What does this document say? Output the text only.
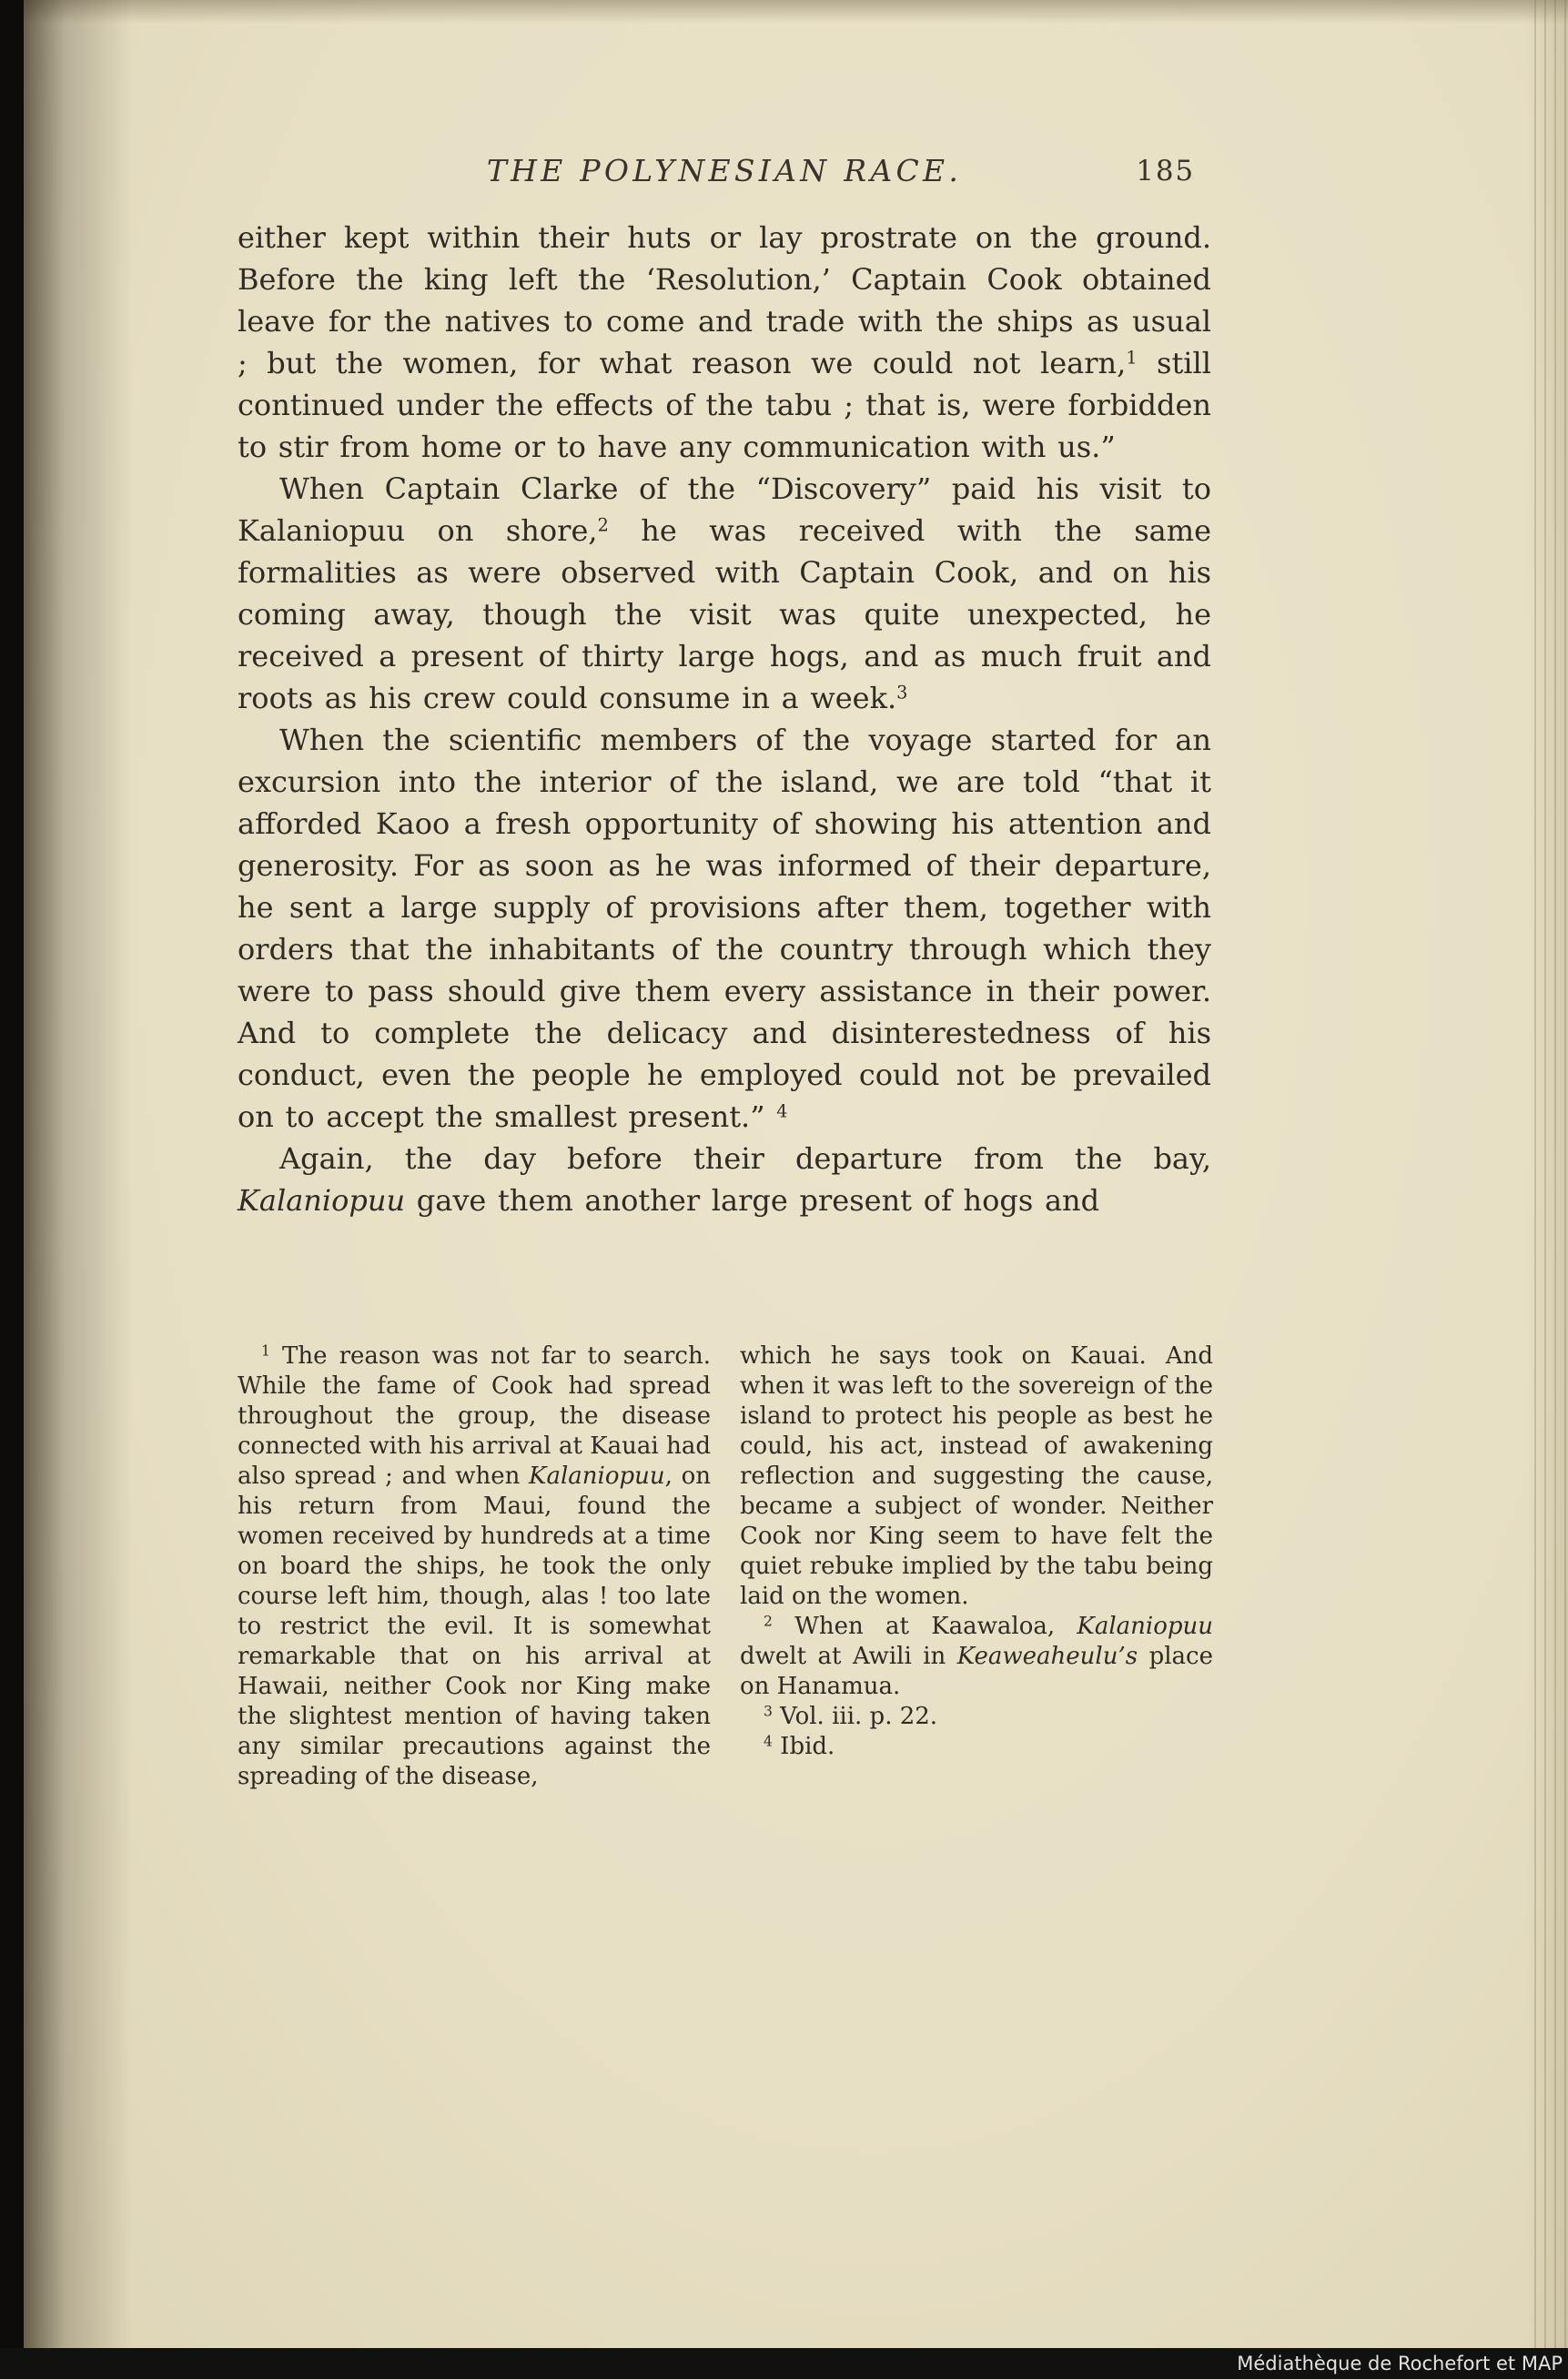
THE POLYNESIAN RACE.	185

either kept within their huts or lay prostrate on the ground. Before the king left the ‘Resolution,’ Captain Cook obtained leave for the natives to come and trade with the ships as usual ; but the women, for what reason we could not learn,$^1$ still continued under the effects of the tabu ; that is, were forbidden to stir from home or to have any communication with us.”

When Captain Clarke of the “Discovery” paid his visit to Kalaniopuu on shore,$^2$ he was received with the same formalities as were observed with Captain Cook, and on his coming away, though the visit was quite unexpected, he received a present of thirty large hogs, and as much fruit and roots as his crew could consume in a week.$^3$

When the scientific members of the voyage started for an excursion into the interior of the island, we are told “that it afforded Kaoo a fresh opportunity of showing his attention and generosity. For as soon as he was informed of their departure, he sent a large supply of provisions after them, together with orders that the inhabitants of the country through which they were to pass should give them every assistance in their power. And to complete the delicacy and disinterestedness of his conduct, even the people he employed could not be prevailed on to accept the smallest present.” $^4$

Again, the day before their departure from the bay, Kalaniopuu gave them another large present of hogs and

$^1$ The reason was not far to search. While the fame of Cook had spread throughout the group, the disease connected with his arrival at Kauai had also spread ; and when Kalaniopuu, on his return from Maui, found the women received by hundreds at a time on board the ships, he took the only course left him, though, alas ! too late to restrict the evil. It is somewhat remarkable that on his arrival at Hawaii, neither Cook nor King make the slightest mention of having taken any similar precautions against the spreading of the disease,

which he says took on Kauai. And when it was left to the sovereign of the island to protect his people as best he could, his act, instead of awakening reflection and suggesting the cause, became a subject of wonder. Neither Cook nor King seem to have felt the quiet rebuke implied by the tabu being laid on the women.

$^2$ When at Kaawaloa, Kalaniopuu dwelt at Awili in Keaweaheulu’s place on Hanamua.

$^3$ Vol. iii. p. 22.

$^4$ Ibid.

Médiathèque de Rochefort et MAP
